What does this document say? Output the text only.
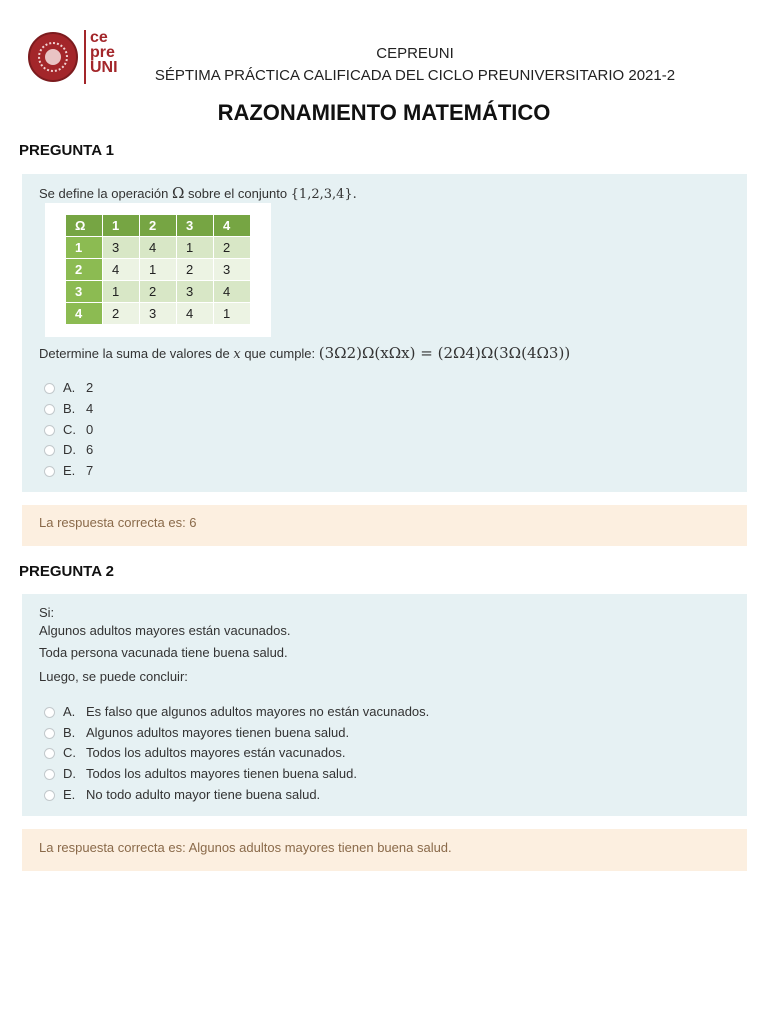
ce
pre
UNI
CEPREUNI
SÉPTIMA PRÁCTICA CALIFICADA DEL CICLO PREUNIVERSITARIO 2021-2
RAZONAMIENTO MATEMÁTICO
PREGUNTA 1
Se define la operación Ω sobre el conjunto {1,2,3,4}.
Ω	1	2	3	4
1	3	4	1	2
2	4	1	2	3
3	1	2	3	4
4	2	3	4	1
Determine la suma de valores de x que cumple: (3Ω2)Ω(xΩx) = (2Ω4)Ω(3Ω(4Ω3))
A. 2
B. 4
C. 0
D. 6
E. 7
La respuesta correcta es: 6
PREGUNTA 2
Si:
Algunos adultos mayores están vacunados.
Toda persona vacunada tiene buena salud.
Luego, se puede concluir:
A. Es falso que algunos adultos mayores no están vacunados.
B. Algunos adultos mayores tienen buena salud.
C. Todos los adultos mayores están vacunados.
D. Todos los adultos mayores tienen buena salud.
E. No todo adulto mayor tiene buena salud.
La respuesta correcta es: Algunos adultos mayores tienen buena salud.
